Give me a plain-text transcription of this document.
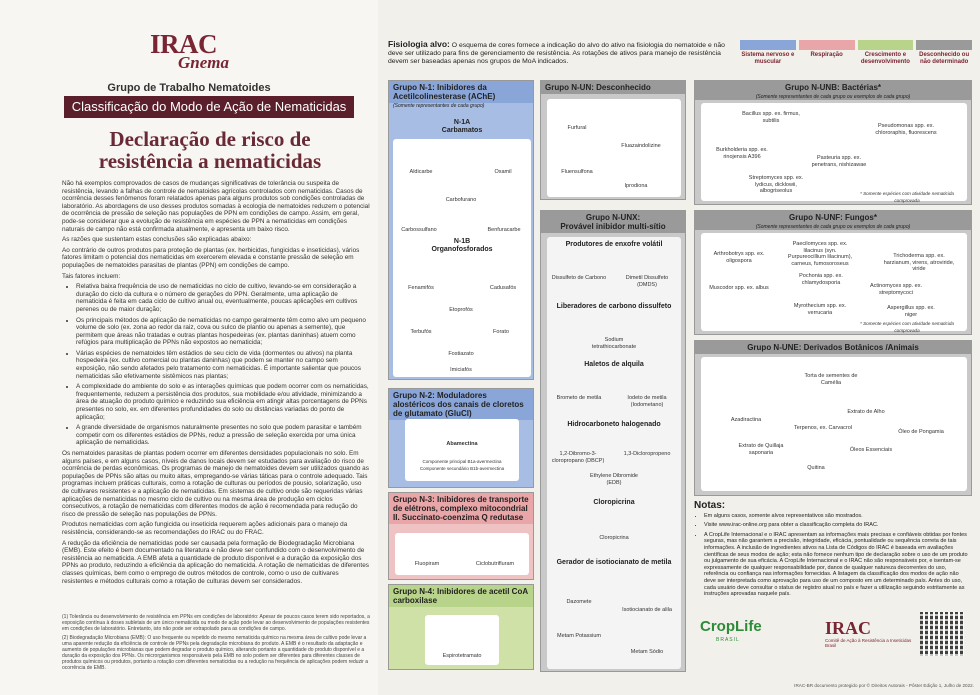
IRAC
Gnema
Grupo de Trabalho Nematoides
Classificação do Modo de Ação de Nematicidas
Declaração de risco de
resistência a nematicidas

Não há exemplos comprovados de casos de mudanças significativas de tolerância ou suspeita de resistência, levando a falhas de controle de nematoides agrícolas controlados com nematicidas. Casos de ocorrência desses fenômenos foram relatados apenas para alguns produtos sob condições controladas de laboratório. As abordagens de uso desses produtos somadas à ecologia de nematoides reduzem o potencial de ocorrência de pressão de seleção nas populações de PPN em condições de campo. Assim, em geral, pode-se considerar que a evolução de resistência em espécies de PPN a nematicidas em condições naturais de campo não está confirmada atualmente, e apresenta um baixo risco.

As razões que sustentam estas conclusões são explicadas abaixo:

Ao contrário de outros produtos para proteção de plantas (ex. herbicidas, fungicidas e inseticidas), vários fatores limitam o potencial dos nematicidas em exercerem elevada e constante pressão de seleção em populações de nematoides parasitas de plantas (PPN) em condições de campo.

Tais fatores incluem:

• Relativa baixa frequência de uso de nematicidas no ciclo de cultivo, levando-se em consideração a duração do ciclo da cultura e o número de gerações do PPN. Geralmente, uma aplicação de nematicida é feita em cada ciclo de cultivo anual ou, eventualmente, poucas aplicações em cultivos perenes ou de maior duração;
• Os principais métodos de aplicação de nematicidas no campo geralmente têm como alvo um pequeno volume de solo (ex. zona ao redor da raiz, cova ou sulco de plantio ou apenas a semente), que permitem que áreas não tratadas e outras plantas hospedeiras (ex. plantas daninhas) atuem como refúgios para multiplicação de PPNs não expostos ao nematicida;
• Várias espécies de nematoides têm estádios de seu ciclo de vida (dormentes ou ativos) na planta hospedeira (ex. cultivo comercial ou plantas daninhas) que podem se manter no campo sem exposição, não sendo afetados pelo tratamento com nematicidas. É importante salientar que poucos nematicidas são efetivamente sistêmicos nas plantas;
• A complexidade do ambiente do solo e as interações químicas que podem ocorrer com os nematicidas, frequentemente, reduzem a persistência dos produtos, sua mobilidade e/ou atividade, minimizando a área de atuação do produto químico e reduzindo sua eficiência em atingir altas porcentagens de PPNs presentes no solo, ex. em diferentes profundidades do solo ou distâncias variadas do ponto de aplicação;
• A grande diversidade de organismos naturalmente presentes no solo que podem parasitar e também competir com os diferentes estádios de PPNs, reduz a pressão de seleção exercida por uma única aplicação de nematicidas.

Os nematoides parasitas de plantas podem ocorrer em diferentes densidades populacionais no solo. Em alguns países, e em alguns casos, níveis de danos locais devem ser estudados para avaliação do risco de ocorrência de perdas econômicas. Os programas de manejo de nematoides devem ser utilizados quando as populações de PPNs são altas ou muito altas, empregando-se várias táticas para o controle adequado. Tais programas incluem práticas culturais, como a rotação de culturas ou períodos de pousio, solarização, uso de cultivares resistentes e a aplicação de nematicidas. Em sistemas de cultivo onde são requeridas várias aplicações de nematicidas no mesmo ciclo de cultivo ou na mesma área de produção em ciclos consecutivos, a rotação de nematicidas com diferentes modos de ação é recomendada para redução do risco de pressão de seleção nas populações de PPNs.

Produtos nematicidas com ação fungicida ou inseticida requerem ações adicionais para o manejo da resistência, considerando-se as recomendações do IRAC ou do FRAC.

A redução da eficiência de nematicidas pode ser causada pela formação de Biodegradação Microbiana (EMB). Este efeito é bem documentado na literatura e não deve ser confundido com o desenvolvimento de resistência ao nematicida. A EMB afeta a quantidade de produto disponível e a duração da exposição dos PPNs ao produto, reduzindo a eficiência da aplicação do nematicida. A rotação de nematicidas de diferentes classes químicas, bem como o emprego de outros métodos de controle, como o uso de cultivares resistentes e métodos culturais como a rotação de culturas devem ser considerados.

(1) Tolerância ou desenvolvimento de resistência em PPNs em condições de laboratório: Apesar de poucos casos terem sido reportados, a exposição contínua à doses subletais de um único nematicida ou modo de ação pode levar ao desenvolvimento de populações resistentes em condições de laboratório. Entretanto, isto não pode ser extrapolado para as condições de campo.

(2) Biodegradação Microbiana (EMB): O uso frequente ou repetido do mesmo nematicida químico na mesma área de cultivo pode levar a uma aparente redução da eficiência de controle de PPNs pela degradação microbiana do produto. A EMB é o resultado da adaptação e aumento de populações microbianas que podem degradar o produto químico, alterando portanto a quantidade do produto disponível e a duração da exposição dos PPNs. Os microrganismos responsáveis pela EMB no solo podem ser diferentes para diferentes classes de produtos químicos ou produtos, portanto a rotação com diferentes nematicidas ou a redução na frequência de aplicações podem reduzir a ocorrência de EMB.

Fisiologia alvo: O esquema de cores fornece a indicação do alvo do ativo na fisiologia do nematoide e não deve ser utilizado para fins de gerenciamento de resistência. As rotações de ativos para manejo de resistência devem ser baseadas apenas nos grupos de MoA indicados.
Sistema nervoso e muscular
Respiração	Crescimento e desenvolvimento
Desconhecido ou não determinado
Grupo N-1: Inibidores da Acetilcolinesterase (AChE)
(Somente representantes de cada grupo)
N-1A
Carbamatos
Aldicarbe	Oxamil
Carbofurano
Carbossulfano	Benfuracarbe
N-1B
Organofosforados
Fenamifós	Cadusafós
Etoprofós
Terbufós	Forato
Fostiazato
Imiciafós
Grupo N-2: Moduladores alostéricos dos canais de cloretos de glutamato (GluCl)
Abamectina
Componente principal B1a-avermectina
Componente secundário B1b-avermectina
Grupo N-3: Inibidores de transporte de elétrons, complexo mitocondrial II. Succinato-coenzima Q redutase
Fluopiram	Ciclobutrifluram
Grupo N-4: Inibidores de acetil CoA carboxilase
Espirotetramato
Grupo N-UN: Desconhecido
Furfural
Fluazaindolizine
Fluensulfona
Iprodiona
Grupo N-UNX:
Provável inibidor multi-sítio
Produtores de enxofre volátil
Dissulfeto de Carbono	Dimetil Dissulfeto (DMDS)
Liberadores de carbono dissulfeto
Sodium tetrathiocarbonate
Haletos de alquila
Brometo de metila	Iodeto de metila (Iodometano)
Hidrocarboneto halogenado
1,2-Dibromo-3-cloropropano (DBCP)
1,3-Dicloropropeno
Ethylene Dibromide (EDB)
Cloropicrina
Cloropicrina
Gerador de isotiocianato de metila
Dazomete
Isotiocianato de alila
Metam Potassium
Metam Sódio
Grupo N-UNB: Bactérias*
(Somente representantes de cada grupo ou exemplos de cada grupo)
Bacillus spp. ex. firmus, subtilis
Pseudomonas spp. ex. chlororaphis, fluorescens
Burkholderia spp. ex. rinojensis A396	Pasteuria spp. ex. penetrans, nishizawae
Streptomyces spp. ex. lydicus, dicklowii, albogriseolus	* Somente espécies com atividade nematicida comprovada
Grupo N-UNF: Fungos*
(Somente representantes de cada grupo ou exemplos de cada grupo)
Arthrobotrys spp. ex. oligospora
Paecilomyces spp. ex. lilacinus (syn. Purpureocillium lilacinum), carneus, fumosoroseus
Trichoderma spp. ex. harzianum, virens, atroviride, viride
Pochonia spp. ex. chlamydosporia
Muscodor spp. ex. albus	Actinomyces spp. ex. streptomycoci
Myrothecium spp. ex. verrucaria
Aspergillus spp. ex. niger
* Somente espécies com atividade nematicida comprovada
Grupo N-UNE: Derivados Botânicos /Animais
Torta de sementes de Camélia
Azadiractina
Extrato de Alho
Terpenos, ex. Carvacrol
Óleo de Pongamia
Extrato de Quillaja saponaria	Óleos Essenciais
Quitina
Notas:
• Em alguns casos, somente alvos representativos são mostrados.
• Visite www.irac-online.org para obter a classificação completa do IRAC.
• A CropLife Internacional e o IRAC apresentam as informações mais precisas e confiáveis obtidas por fontes seguras, mas não garantem a precisão, integridade, eficácia, pontualidade ou sequência correta de tais informações. A inclusão de ingredientes ativos na Lista de Códigos do IRAC é baseada em avaliações científicas de seus modos de ação; esta não fornece nenhum tipo de declaração sobre o uso de um produto ou julgamento de sua eficácia. A CropLife Internacional e o IRAC não são responsáveis por, e isentam-se expressamente de qualquer responsabilidade por, danos de qualquer natureza decorrentes do uso, referência ou confiança nas informações fornecidas. A listagem da classificação dos modos de ação não deve ser interpretada como aprovação para uso de um composto em um determinado país. Antes do uso, cada usuário deve consultar o status de registro atual no país e fazer a utilização seguindo estritamente as instruções aprovadas naquele país.
CropLife
BRASIL
IRAC
Comitê de Ação à Resistência a Inseticidas Brasil
IRAC-BR documento protegido por © Direitos Autorais - Pôster Edição 1, Julho de 2022.
